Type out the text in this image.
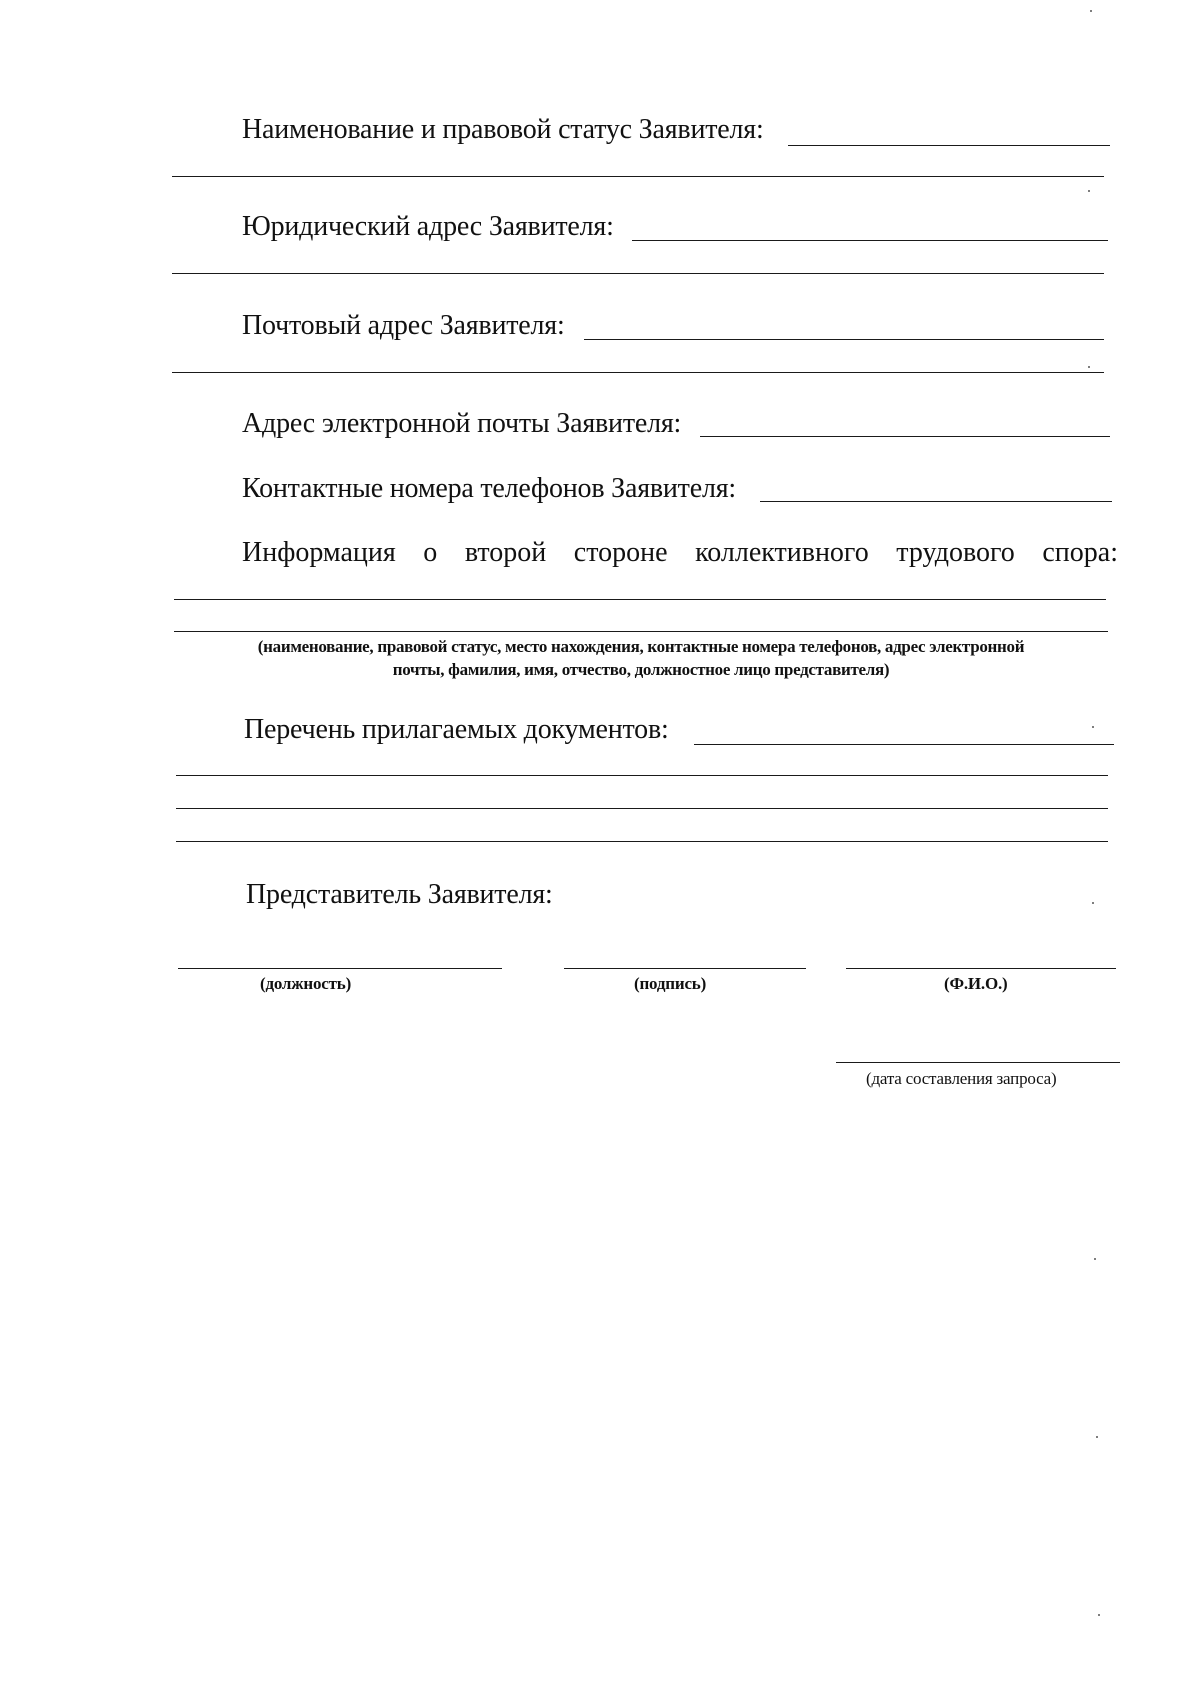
Наименование и правовой статус Заявителя:
Юридический адрес Заявителя:
Почтовый адрес Заявителя:
Адрес электронной почты Заявителя:
Контактные номера телефонов Заявителя:
Информация о второй стороне коллективного трудового спора:
(наименование, правовой статус, место нахождения, контактные номера телефонов, адрес электронной
почты, фамилия, имя, отчество, должностное лицо представителя)
Перечень прилагаемых документов:
Представитель Заявителя:
(должность)	(подпись)	(Ф.И.О.)
(дата составления запроса)
